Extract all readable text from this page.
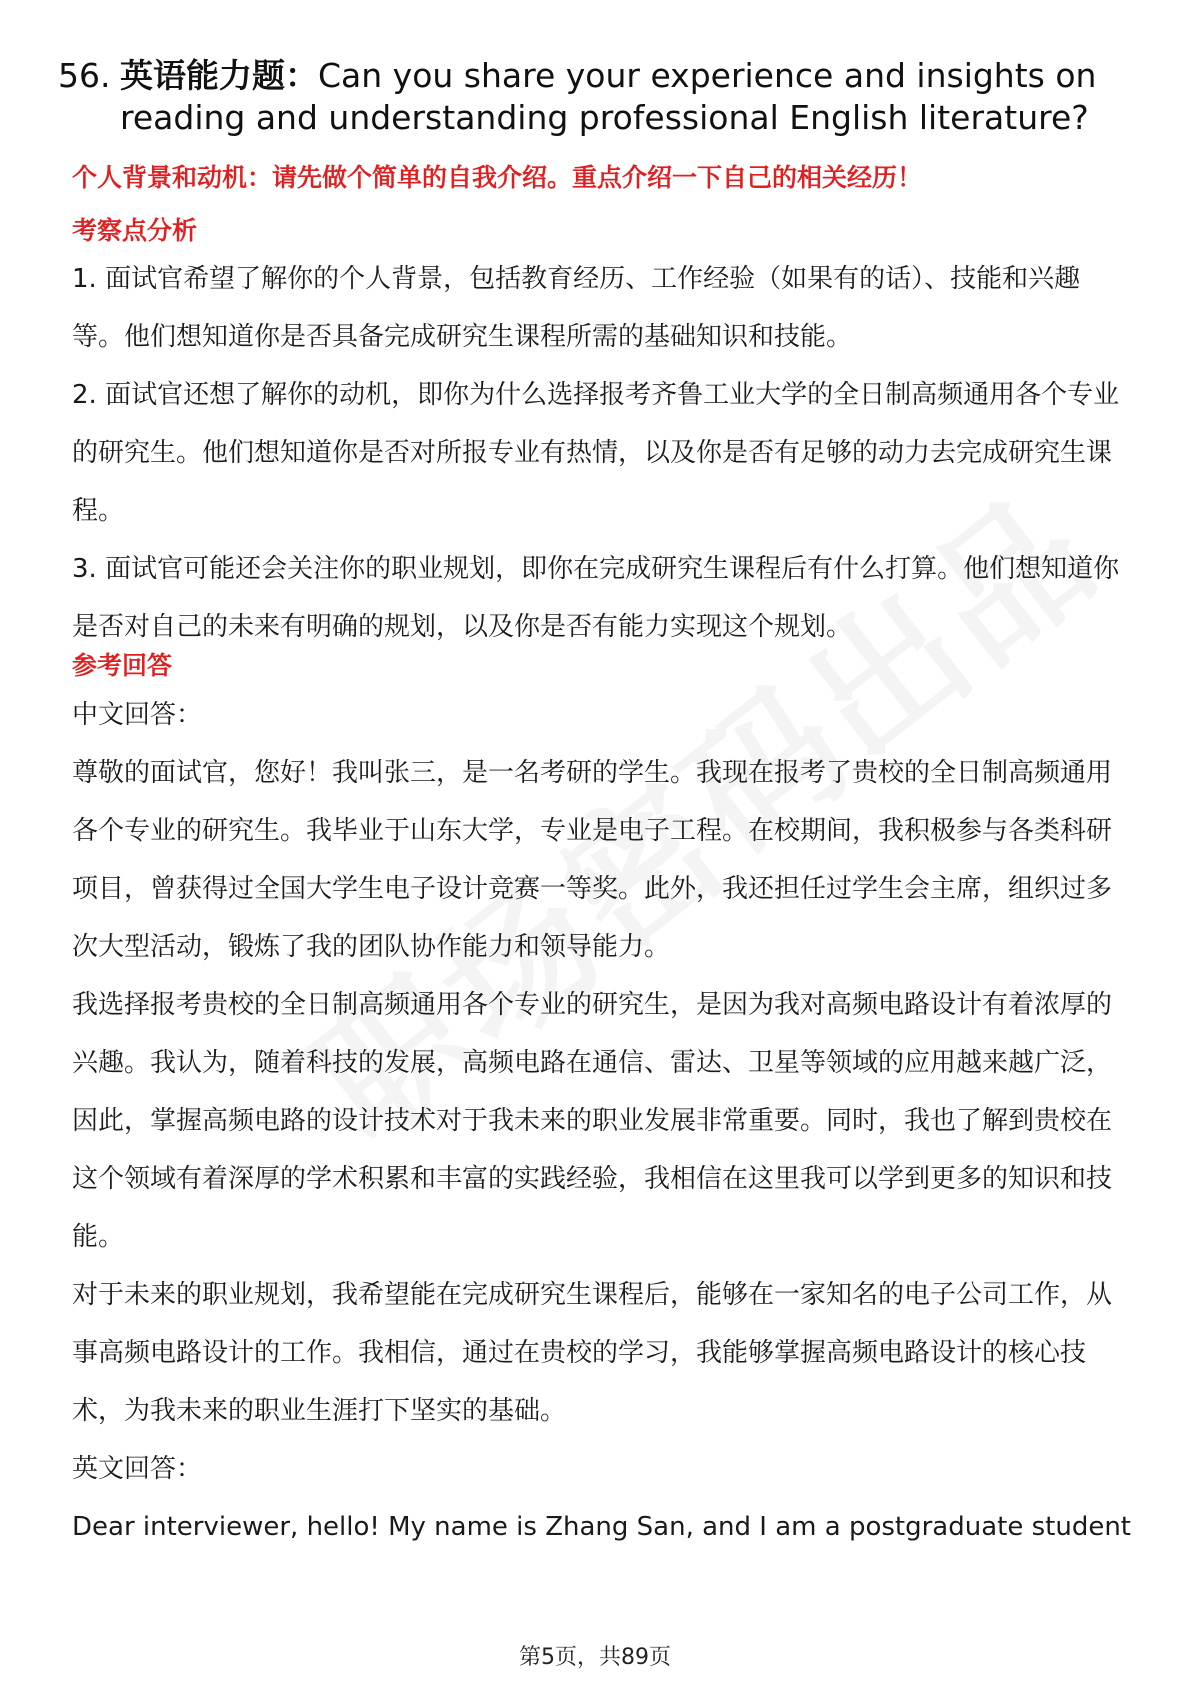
56. 英语能力题：Can you share your experience and insights on reading and understanding professional English literature?
个人背景和动机：请先做个简单的自我介绍。重点介绍一下自己的相关经历！
考察点分析

1. 面试官希望了解你的个人背景，包括教育经历、工作经验（如果有的话）、技能和兴趣等。他们想知道你是否具备完成研究生课程所需的基础知识和技能。

2. 面试官还想了解你的动机，即你为什么选择报考齐鲁工业大学的全日制高频通用各个专业的研究生。他们想知道你是否对所报专业有热情，以及你是否有足够的动力去完成研究生课程。

3. 面试官可能还会关注你的职业规划，即你在完成研究生课程后有什么打算。他们想知道你是否对自己的未来有明确的规划，以及你是否有能力实现这个规划。

参考回答

中文回答：

尊敬的面试官，您好！我叫张三，是一名考研的学生。我现在报考了贵校的全日制高频通用各个专业的研究生。我毕业于山东大学，专业是电子工程。在校期间，我积极参与各类科研项目，曾获得过全国大学生电子设计竞赛一等奖。此外，我还担任过学生会主席，组织过多次大型活动，锻炼了我的团队协作能力和领导能力。

我选择报考贵校的全日制高频通用各个专业的研究生，是因为我对高频电路设计有着浓厚的兴趣。我认为，随着科技的发展，高频电路在通信、雷达、卫星等领域的应用越来越广泛，因此，掌握高频电路的设计技术对于我未来的职业发展非常重要。同时，我也了解到贵校在这个领域有着深厚的学术积累和丰富的实践经验，我相信在这里我可以学到更多的知识和技能。

对于未来的职业规划，我希望能在完成研究生课程后，能够在一家知名的电子公司工作，从事高频电路设计的工作。我相信，通过在贵校的学习，我能够掌握高频电路设计的核心技术，为我未来的职业生涯打下坚实的基础。

英文回答：

Dear interviewer, hello! My name is Zhang San, and I am a postgraduate student

第5页，共89页
